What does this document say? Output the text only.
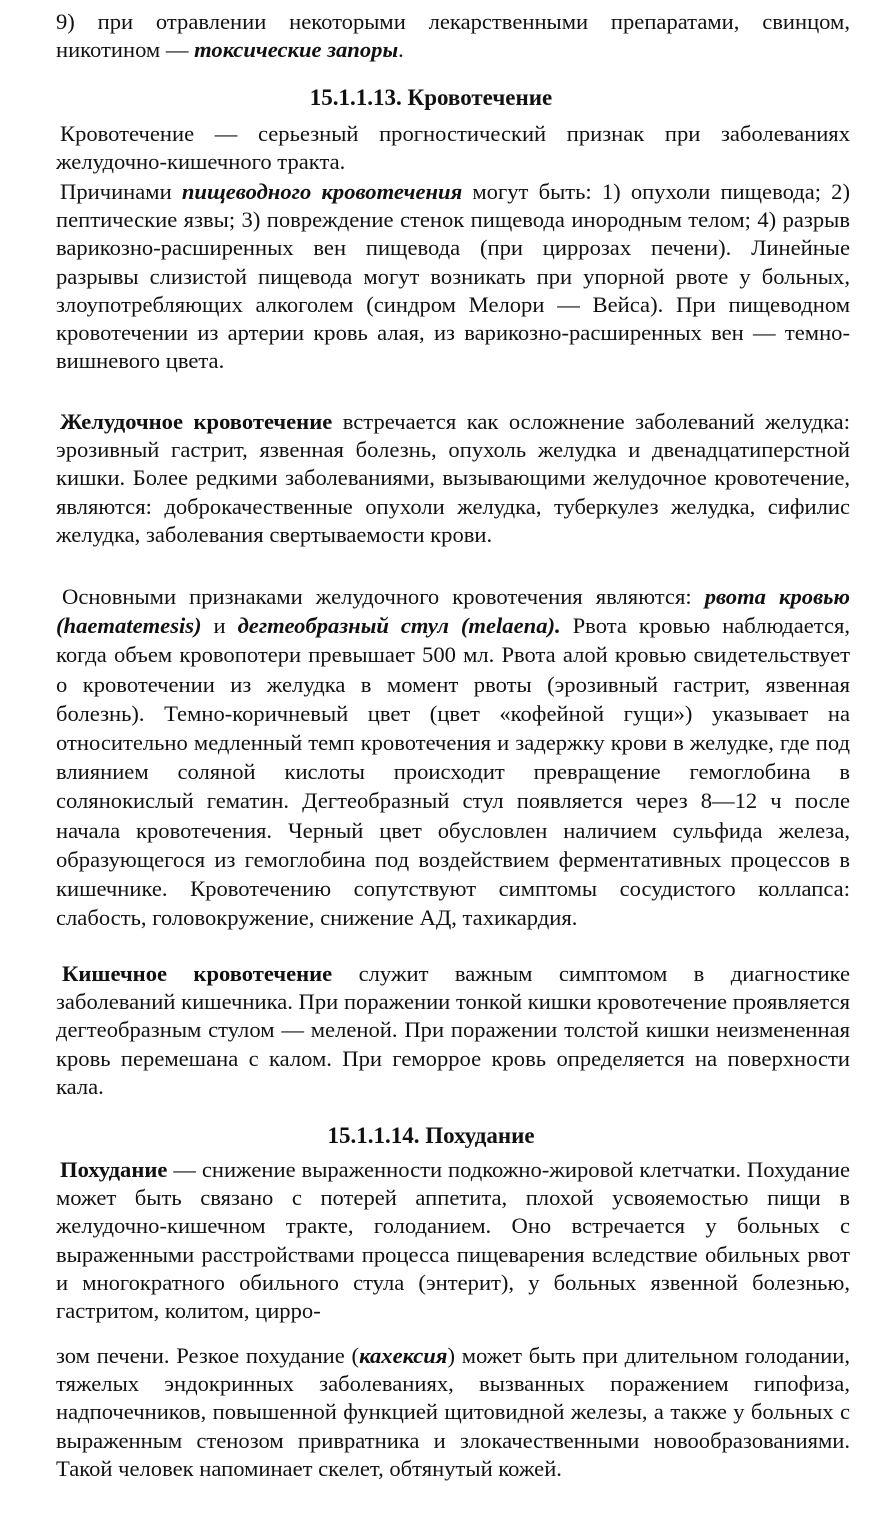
9) при отравлении некоторыми лекарственными препаратами, свинцом, никотином — токсические запоры.

15.1.1.13. Кровотечение

Кровотечение — серьезный прогностический признак при заболеваниях желудочно-кишечного тракта.

Причинами пищеводного кровотечения могут быть: 1) опухоли пищевода; 2) пептические язвы; 3) повреждение стенок пищевода инородным телом; 4) разрыв варикозно-расширенных вен пищевода (при циррозах печени). Линейные разрывы слизистой пищевода могут возникать при упорной рвоте у больных, злоупотребляющих алкоголем (синдром Мелори — Вейса). При пищеводном кровотечении из артерии кровь алая, из варикозно-расширенных вен — темно-вишневого цвета.

Желудочное кровотечение встречается как осложнение заболеваний желудка: эрозивный гастрит, язвенная болезнь, опухоль желудка и двенадцатиперстной кишки. Более редкими заболеваниями, вызывающими желудочное кровотечение, являются: доброкачественные опухоли желудка, туберкулез желудка, сифилис желудка, заболевания свертываемости крови.

Основными признаками желудочного кровотечения являются: рвота кровью (haematemesis) и дегтеобразный стул (melaena). Рвота кровью наблюдается, когда объем кровопотери превышает 500 мл. Рвота алой кровью свидетельствует о кровотечении из желудка в момент рвоты (эрозивный гастрит, язвенная болезнь). Темно-коричневый цвет (цвет «кофейной гущи») указывает на относительно медленный темп кровотечения и задержку крови в желудке, где под влиянием соляной кислоты происходит превращение гемоглобина в солянокислый гематин. Дегтеобразный стул появляется через 8—12 ч после начала кровотечения. Черный цвет обусловлен наличием сульфида железа, образующегося из гемоглобина под воздействием ферментативных процессов в кишечнике. Кровотечению сопутствуют симптомы сосудистого коллапса: слабость, головокружение, снижение АД, тахикардия.

Кишечное кровотечение служит важным симптомом в диагностике заболеваний кишечника. При поражении тонкой кишки кровотечение проявляется дегтеобразным стулом — меленой. При поражении толстой кишки неизмененная кровь перемешана с калом. При геморрое кровь определяется на поверхности кала.

15.1.1.14. Похудание

Похудание — снижение выраженности подкожно-жировой клетчатки. Похудание может быть связано с потерей аппетита, плохой усвояемостью пищи в желудочно-кишечном тракте, голоданием. Оно встречается у больных с выраженными расстройствами процесса пищеварения вследствие обильных рвот и многократного обильного стула (энтерит), у больных язвенной болезнью, гастритом, колитом, цирро-

зом печени. Резкое похудание (кахексия) может быть при длительном голодании, тяжелых эндокринных заболеваниях, вызванных поражением гипофиза, надпочечников, повышенной функцией щитовидной железы, а также у больных с выраженным стенозом привратника и злокачественными новообразованиями. Такой человек напоминает скелет, обтянутый кожей.
